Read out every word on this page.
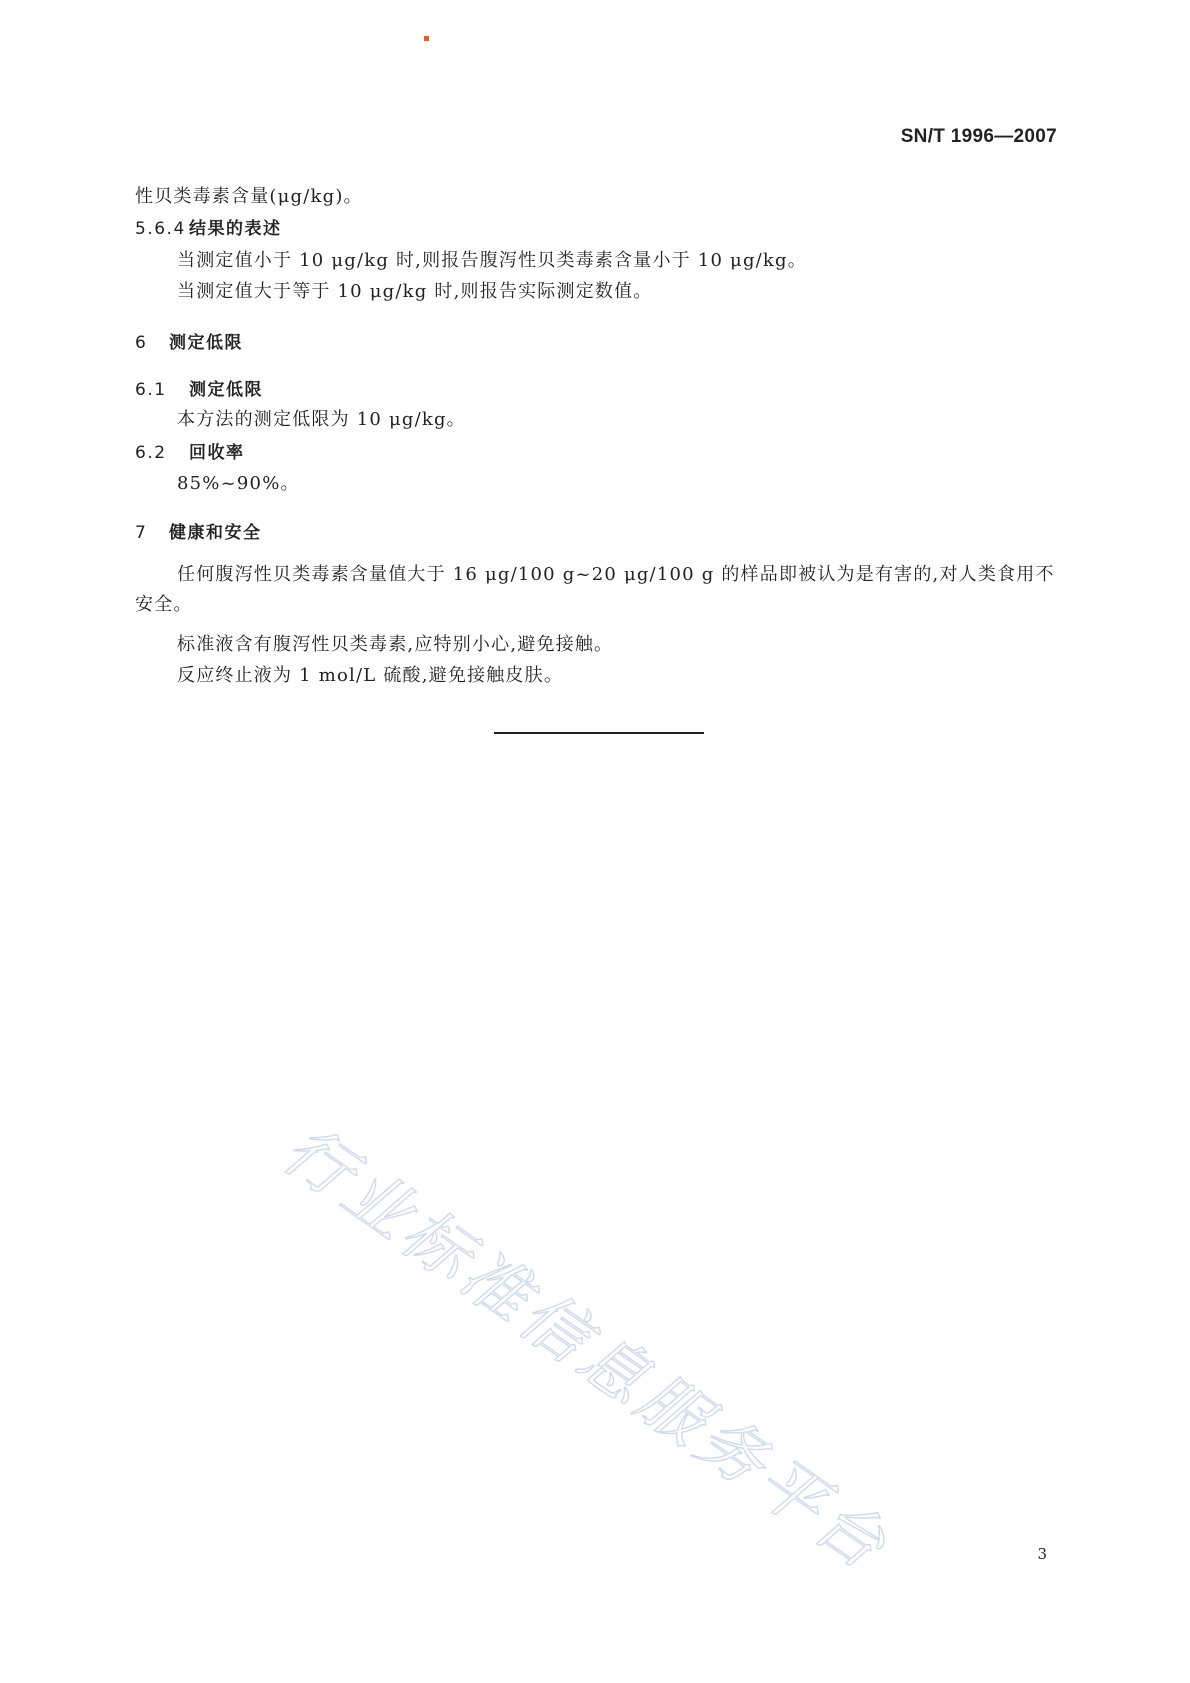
SN/T 1996—2007
性贝类毒素含量(μg/kg)。
5.6.4 结果的表述
当测定值小于 10 μg/kg 时,则报告腹泻性贝类毒素含量小于 10 μg/kg。
当测定值大于等于 10 μg/kg 时,则报告实际测定数值。
6 测定低限
6.1 测定低限
本方法的测定低限为 10 μg/kg。
6.2 回收率
85%~90%。
7 健康和安全

任何腹泻性贝类毒素含量值大于 16 μg/100 g~20 μg/100 g 的样品即被认为是有害的,对人类食用不安全。

标准液含有腹泻性贝类毒素,应特别小心,避免接触。
反应终止液为 1 mol/L 硫酸,避免接触皮肤。
行业标准信息服务平台	3
